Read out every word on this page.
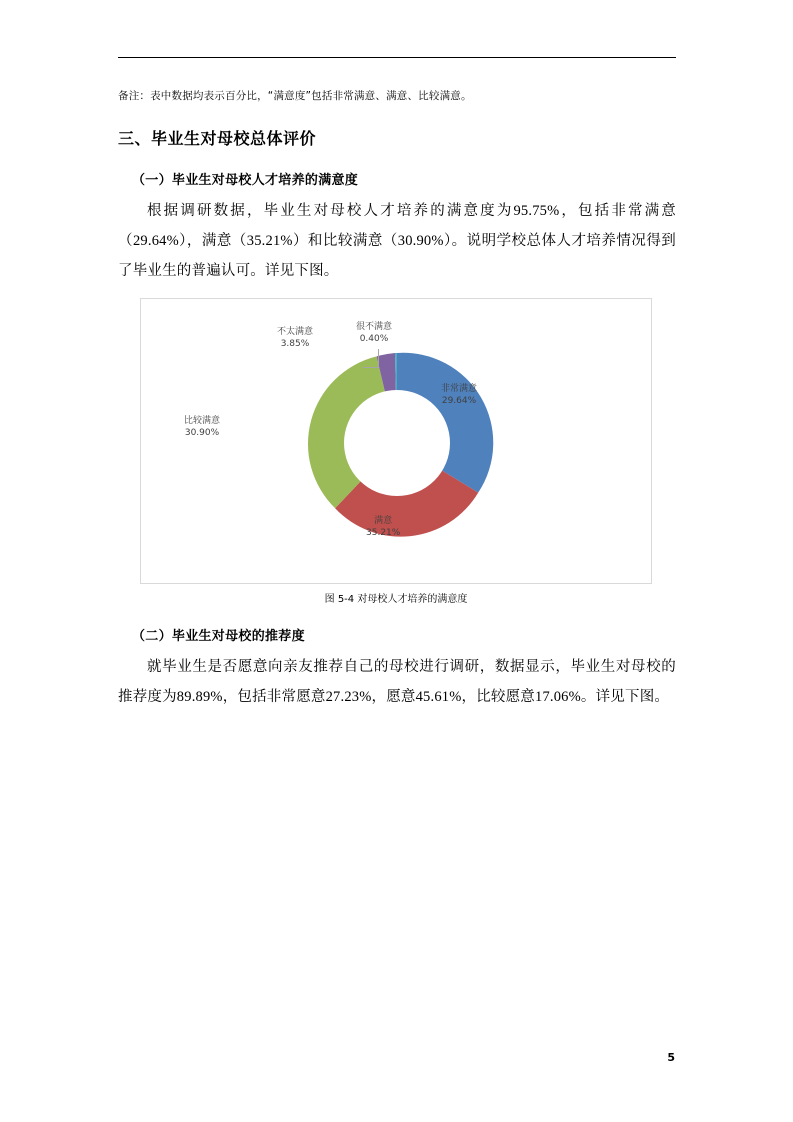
备注：表中数据均表示百分比，“满意度”包括非常满意、满意、比较满意。
三、毕业生对母校总体评价
（一）毕业生对母校人才培养的满意度

根据调研数据，毕业生对母校人才培养的满意度为95.75%，包括非常满意（29.64%），满意（35.21%）和比较满意（30.90%）。说明学校总体人才培养情况得到了毕业生的普遍认可。详见下图。

非常满意
29.64%
满意
35.21%
比较满意
30.90%
不太满意
3.85%
很不满意
0.40%
图 5-4 对母校人才培养的满意度
（二）毕业生对母校的推荐度

就毕业生是否愿意向亲友推荐自己的母校进行调研，数据显示，毕业生对母校的推荐度为89.89%，包括非常愿意27.23%，愿意45.61%，比较愿意17.06%。详见下图。

5
